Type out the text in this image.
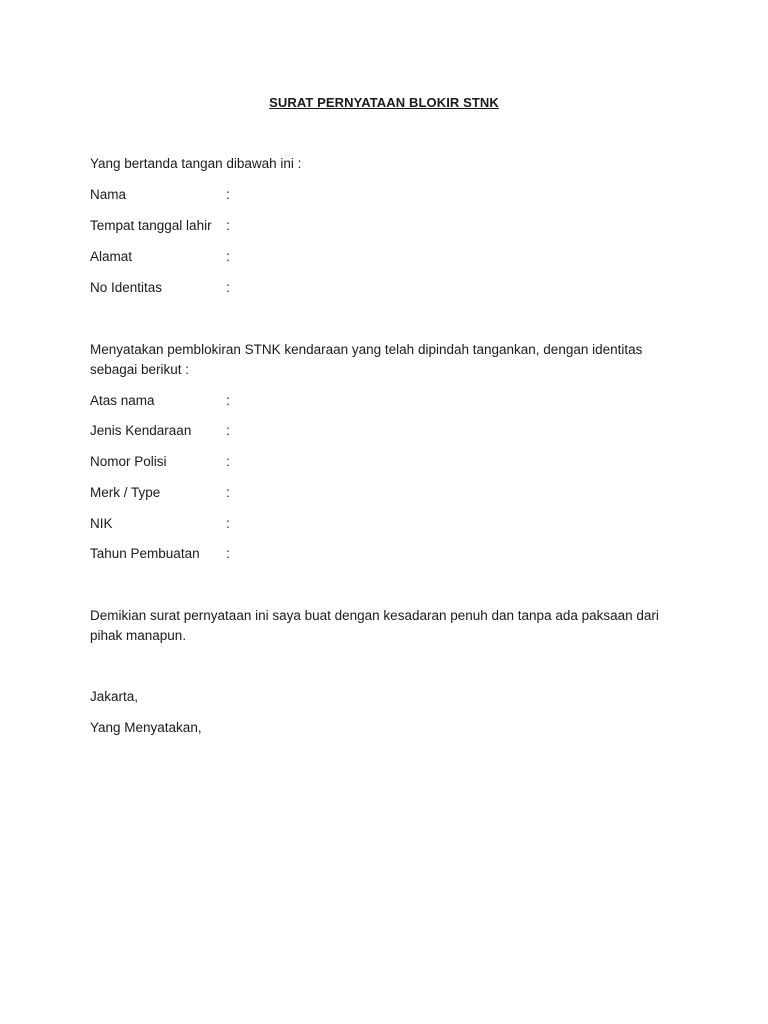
SURAT PERNYATAAN BLOKIR STNK
Yang bertanda tangan dibawah ini :
Nama	:
Tempat tanggal lahir :
Alamat	:
No Identitas	:
Menyatakan pemblokiran STNK kendaraan yang telah dipindah tangankan, dengan identitas sebagai berikut :
Atas nama	:
Jenis Kendaraan	:
Nomor Polisi	:
Merk / Type	:
NIK	:
Tahun Pembuatan :
Demikian surat pernyataan ini saya buat dengan kesadaran penuh dan tanpa ada paksaan dari pihak manapun.
Jakarta,
Yang Menyatakan,
